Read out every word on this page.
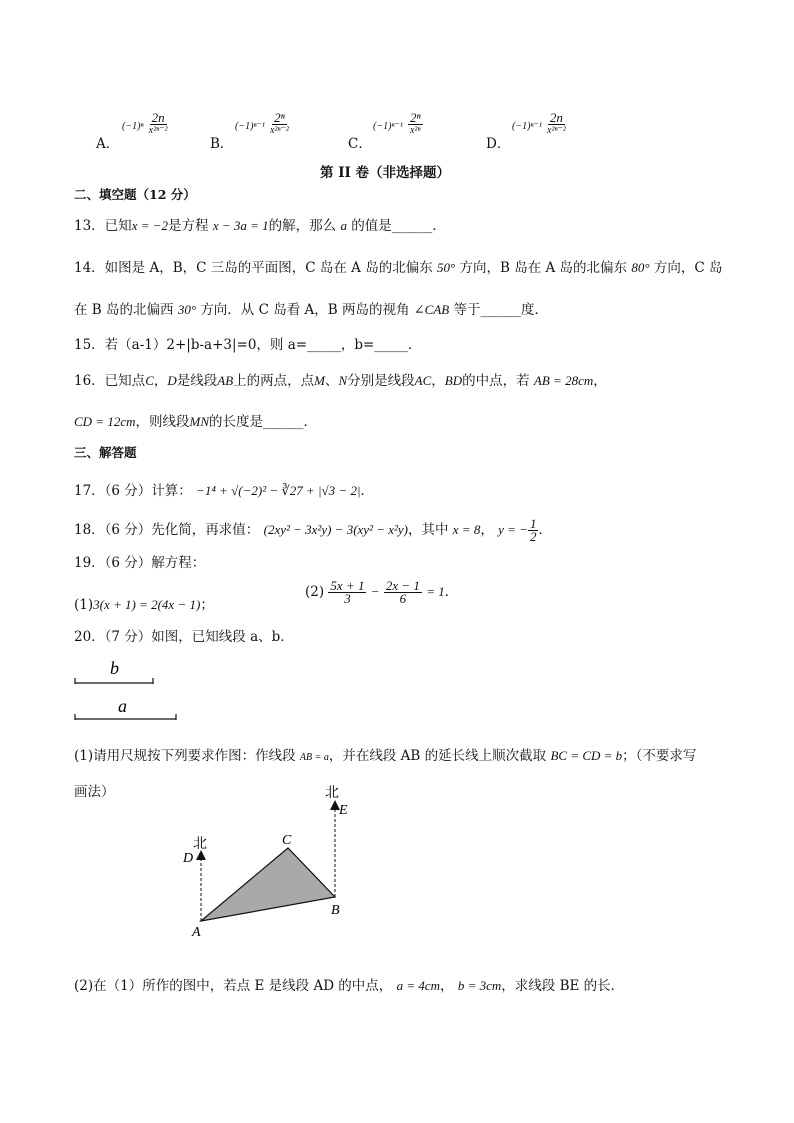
A．
$(-1)^n \frac{2n}{\text{x²ⁿ⁻²}}$
B．
$(-1)^{n-1} \frac{\text{2ⁿ}}{\text{x²ⁿ⁻²}}$
C．
$(-1)^{n-1} \frac{\text{2ⁿ}}{\text{x²ⁿ}}$
D．
$(-1)^{n-1} \frac{2n}{\text{x²ⁿ⁻²}}$
第 II 卷（非选择题）
二、填空题（12 分）
13．已知x = −2是方程 x − 3a = 1的解，那么 a 的值是______．
14．如图是 A，B，C 三岛的平面图，C 岛在 A 岛的北偏东 50° 方向，B 岛在 A 岛的北偏东 80° 方向，C 岛
在 B 岛的北偏西 30° 方向．从 C 岛看 A，B 两岛的视角 ∠CAB 等于______度．
15．若（a-1）2+|b-a+3|=0，则 a=_____，b=_____．
16．已知点C，D是线段AB上的两点，点M、N分别是线段AC，BD的中点，若 AB = 28cm，
CD = 12cm，则线段MN的长度是______．
三、解答题
17．（6 分）计算： −1⁴ + √(−2)² − ∛27 + |√3 − 2|．
18．（6 分）先化简，再求值： (2xy² − 3x²y) − 3(xy² − x²y)，其中 x = 8， y = − $\frac{1}{2}$ ．
19．（6 分）解方程：
(1)3(x + 1) = 2(4x − 1)；
$(2) \frac{5x + 1}{3} - \frac{2x - 1}{6} = 1$．
20．（7 分）如图，已知线段 a、b．
b
a
(1)请用尺规按下列要求作图：作线段 AB = a，并在线段 AB 的延长线上顺次截取 BC = CD = b；（不要求写
画法）
北
北
D
E
C
B
A
(2)在（1）所作的图中，若点 E 是线段 AD 的中点， a = 4cm， b = 3cm，求线段 BE 的长．
